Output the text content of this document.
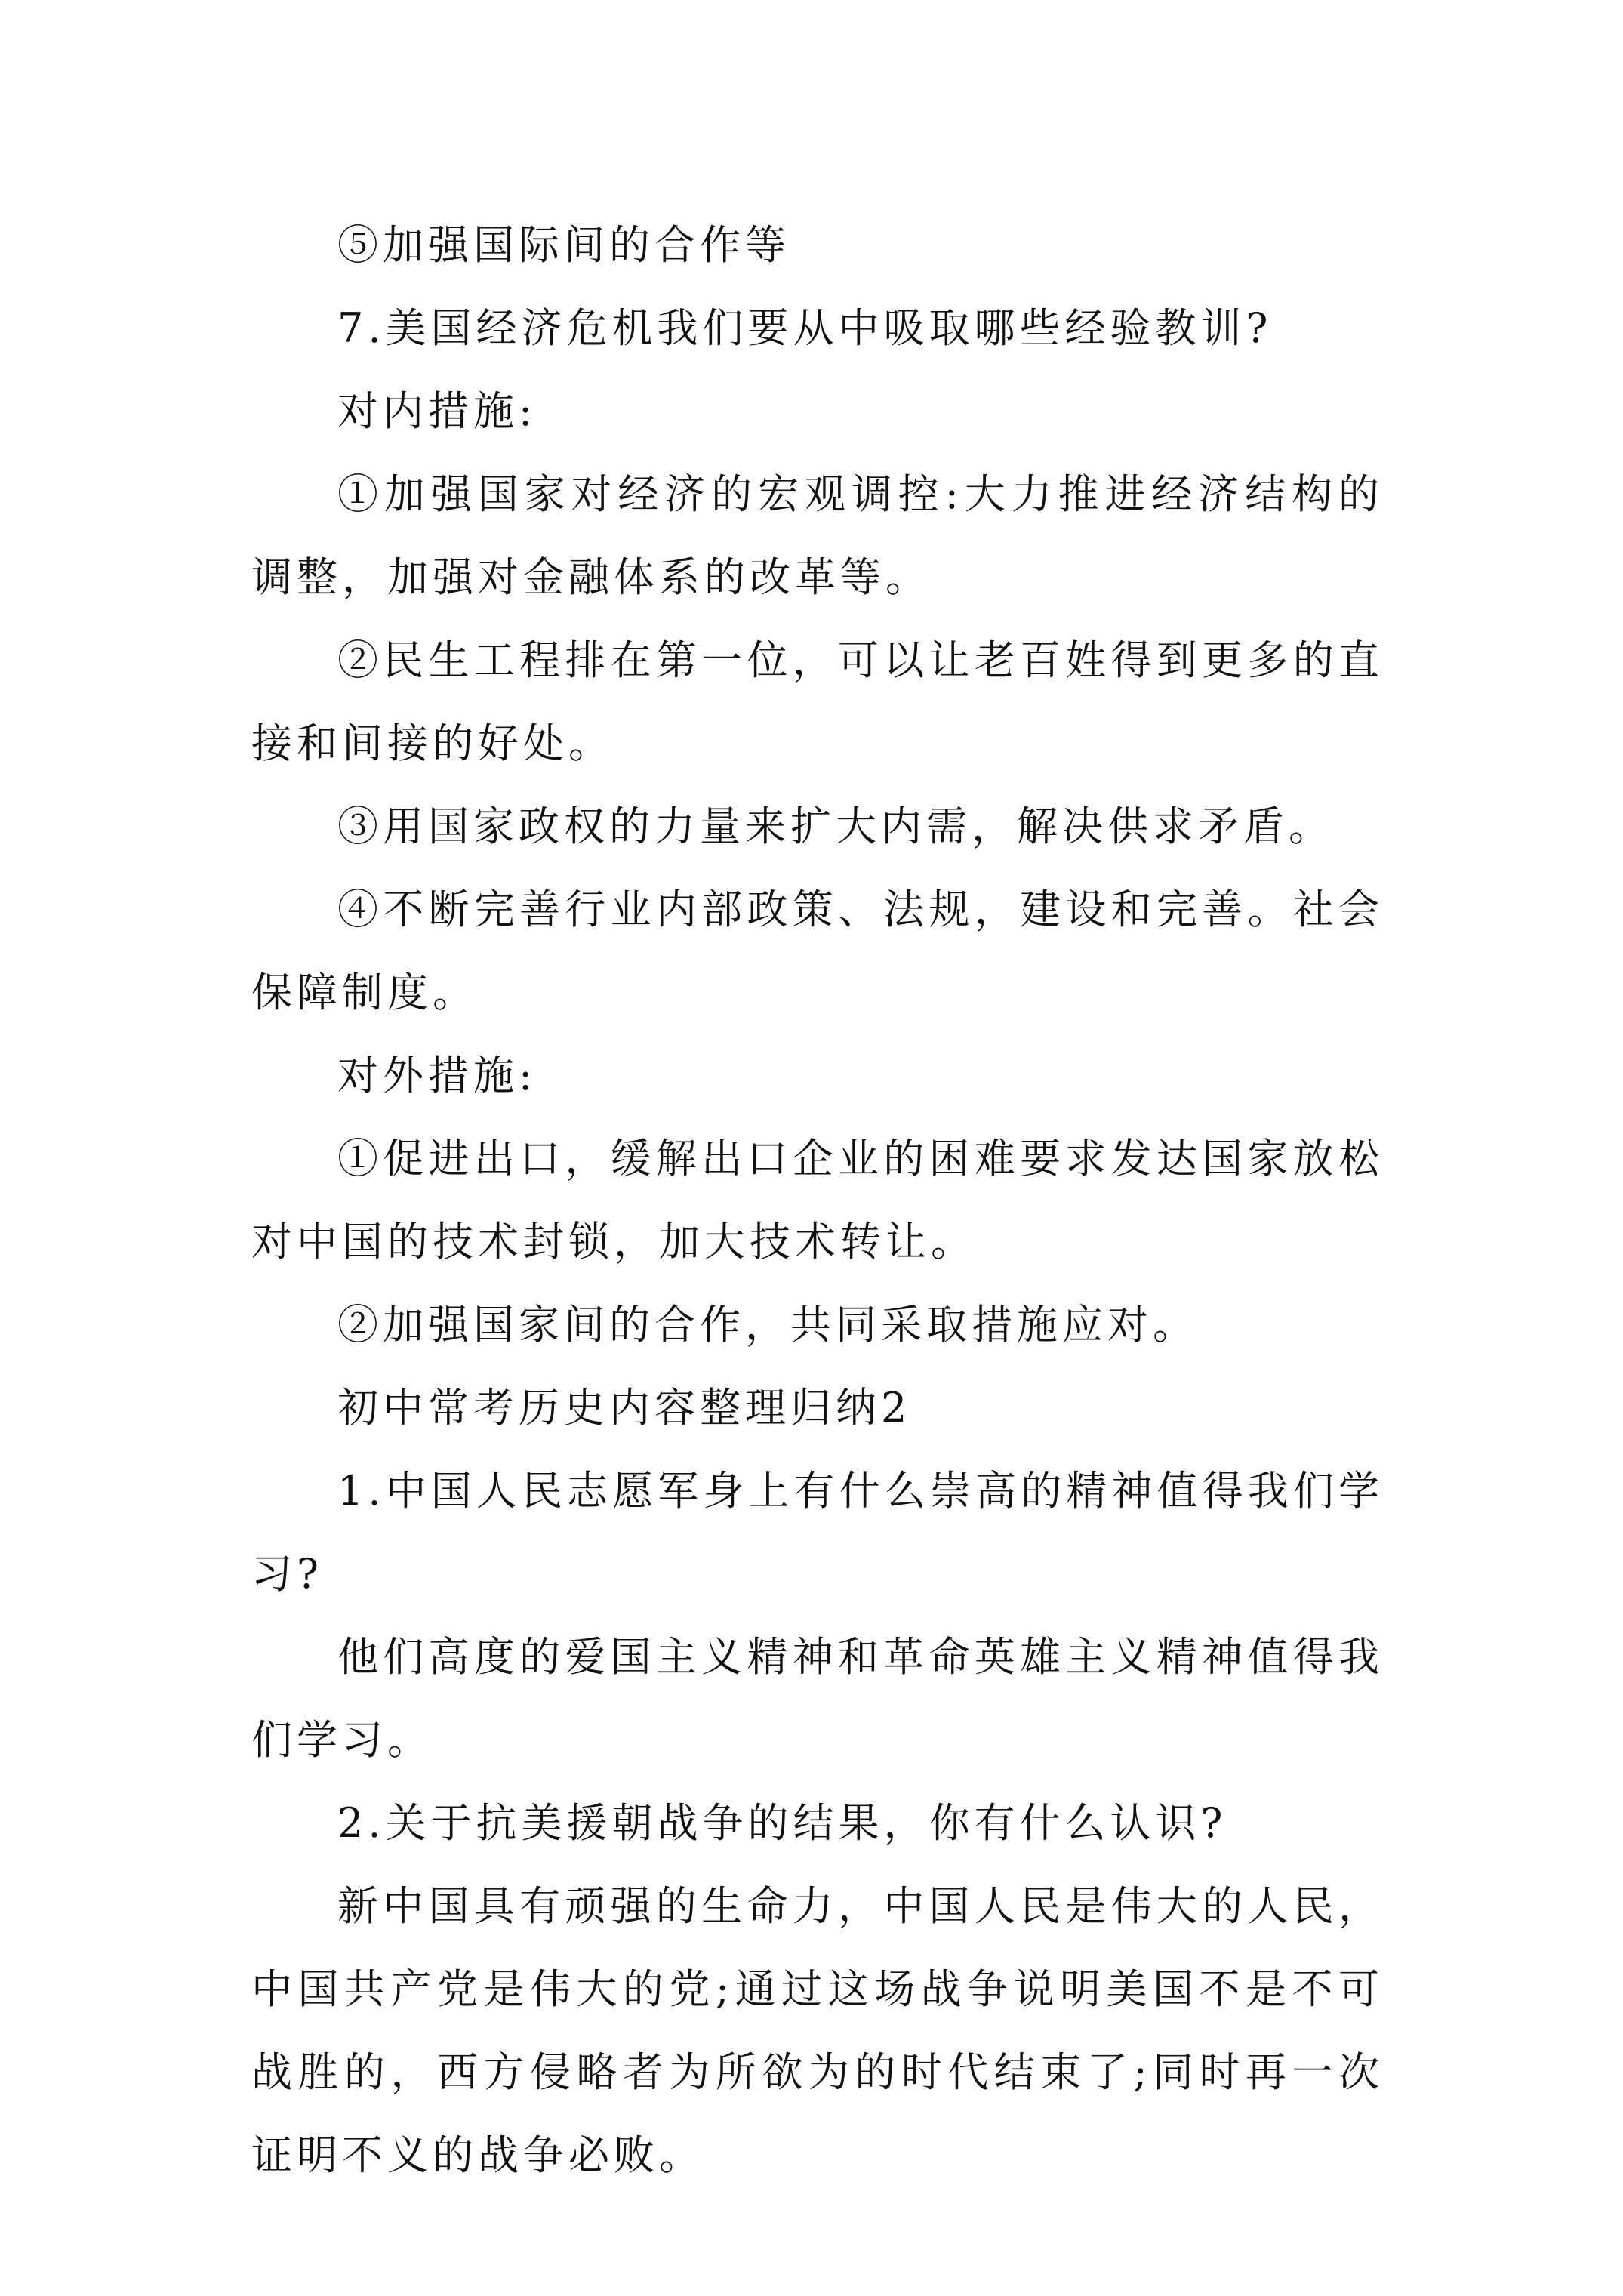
⑤加强国际间的合作等

7.美国经济危机我们要从中吸取哪些经验教训?

对内措施:

①加强国家对经济的宏观调控:大力推进经济结构的调整，加强对金融体系的改革等。

②民生工程排在第一位，可以让老百姓得到更多的直接和间接的好处。

③用国家政权的力量来扩大内需，解决供求矛盾。

④不断完善行业内部政策、法规，建设和完善。社会保障制度。

对外措施:

①促进出口，缓解出口企业的困难要求发达国家放松对中国的技术封锁，加大技术转让。

②加强国家间的合作，共同采取措施应对。

初中常考历史内容整理归纳2

1.中国人民志愿军身上有什么崇高的精神值得我们学习?

他们高度的爱国主义精神和革命英雄主义精神值得我们学习。

2.关于抗美援朝战争的结果，你有什么认识?

新中国具有顽强的生命力，中国人民是伟大的人民，中国共产党是伟大的党;通过这场战争说明美国不是不可战胜的，西方侵略者为所欲为的时代结束了;同时再一次证明不义的战争必败。
